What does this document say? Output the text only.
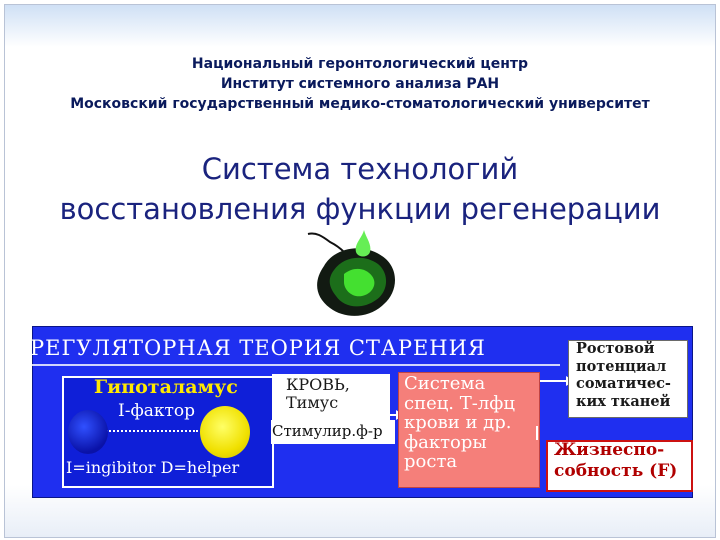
Национальный геронтологический центр
Институт системного анализа РАН
Московский государственный медико-стоматологический университет
Система технологий
восстановления функции регенерации
РЕГУЛЯТОРНАЯ ТЕОРИЯ СТАРЕНИЯ
Гипоталамус
I-фактор
I=ingibitor D=helper
КРОВЬ,
Тимус
Стимулир.ф-р
Система
спец. Т-лфц
крови и др.
факторы
роста
Ростовой
потенциал
соматичес-
ких тканей
Жизнеспо-
собность (F)
